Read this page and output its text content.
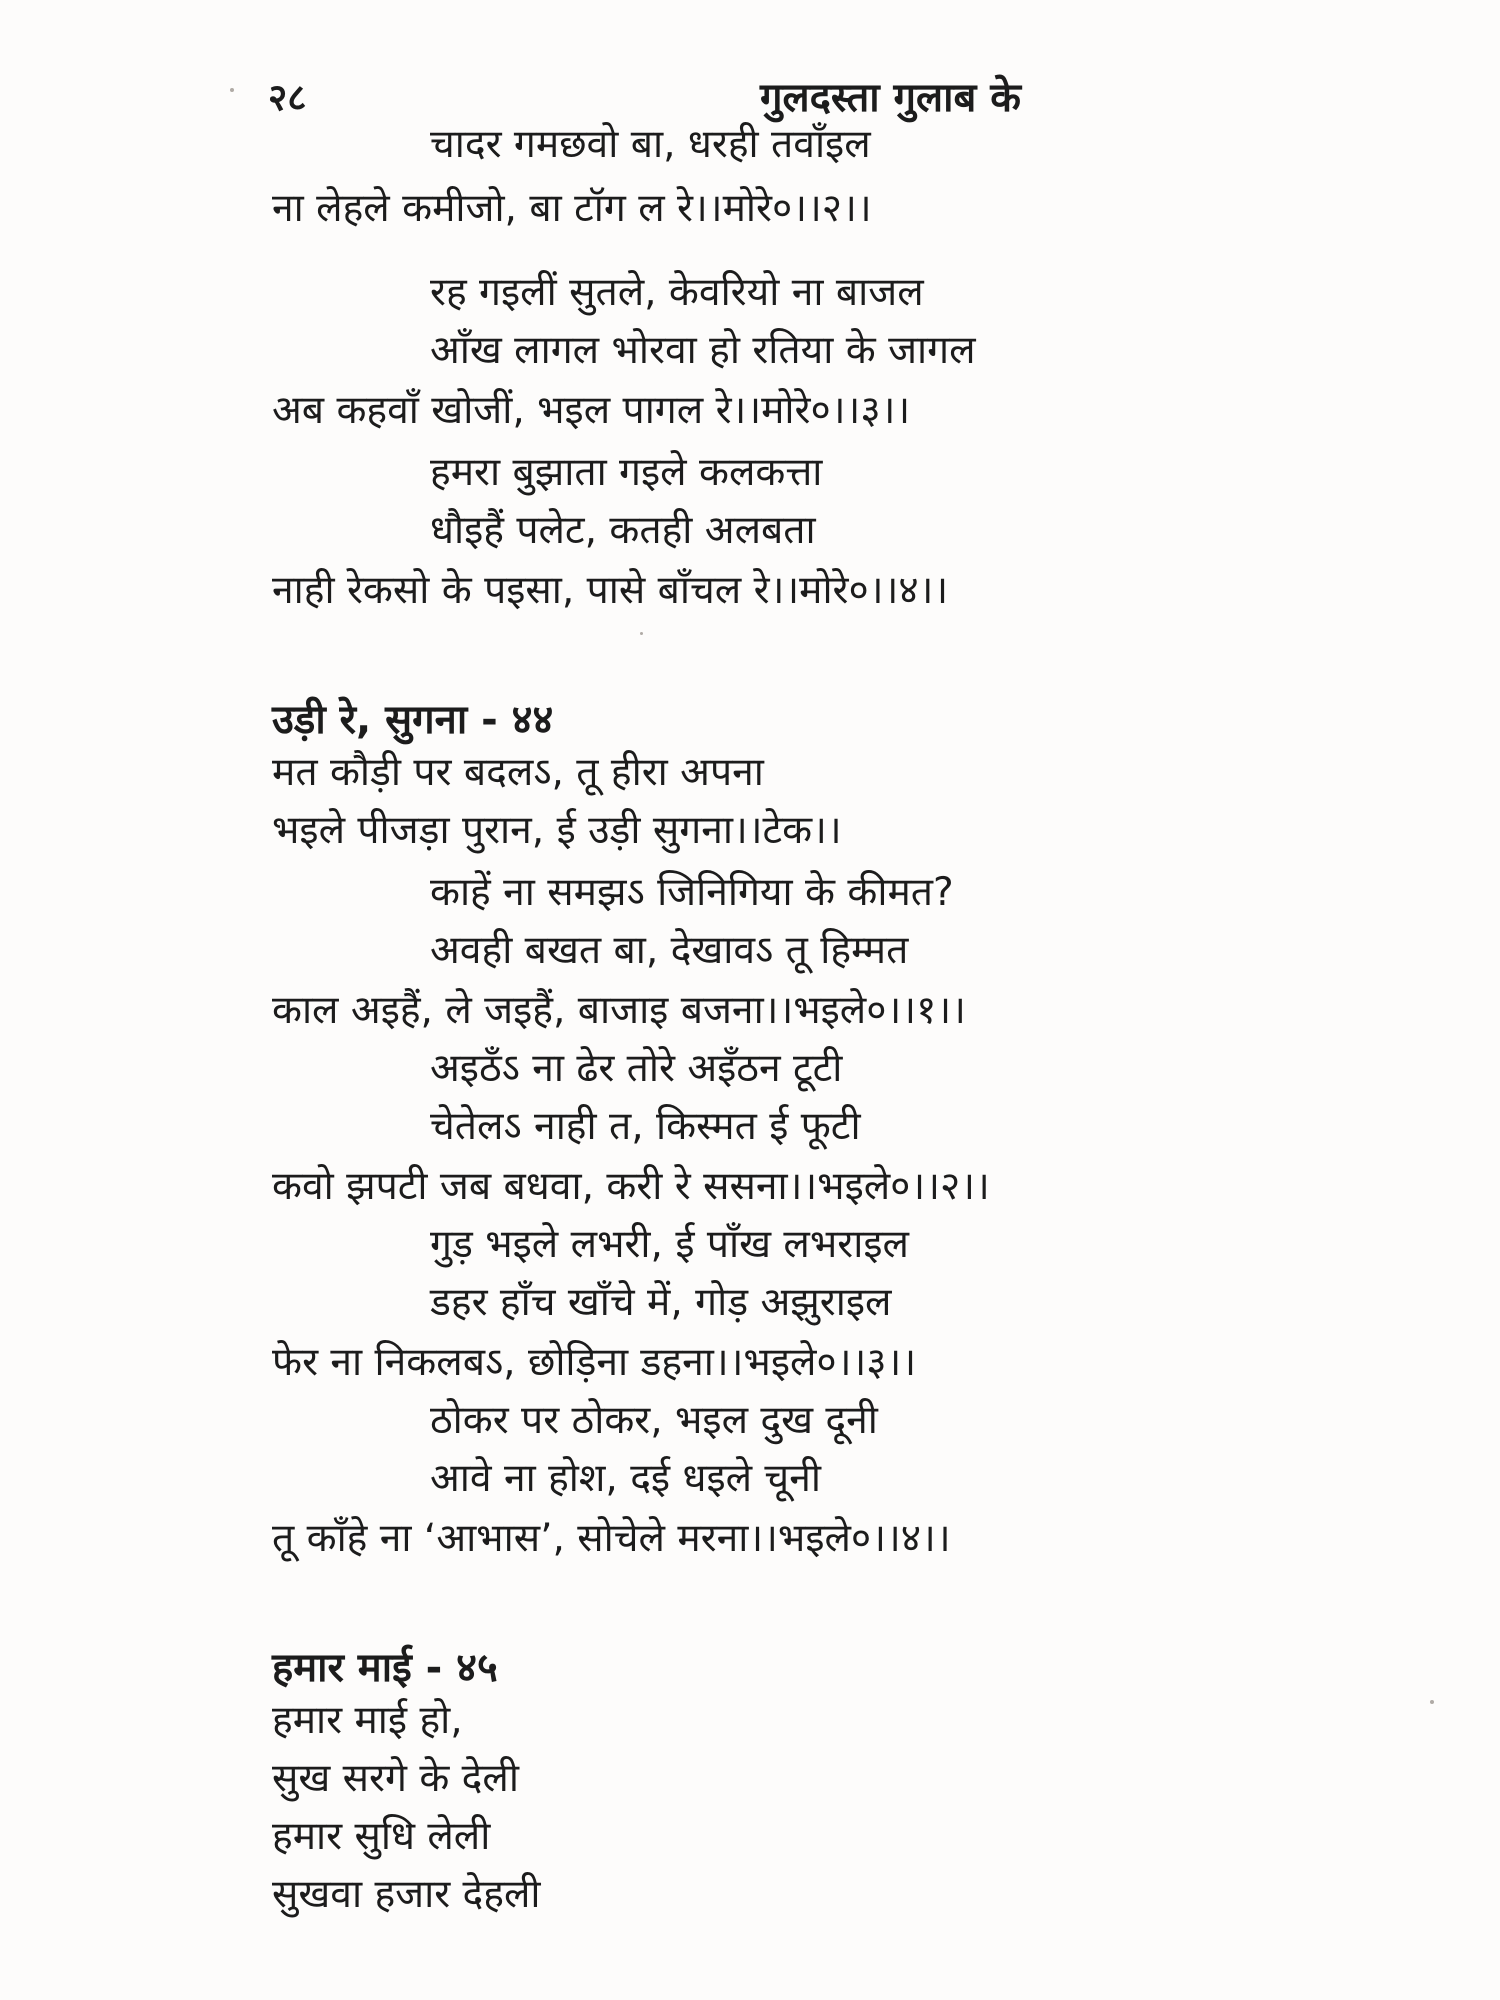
२८	गुलदस्ता गुलाब के
चादर गमछवो बा, धरही तवाँइल
ना लेहले कमीजो, बा टॉग ल रे।।मोरे०।।२।।
रह गइलीं सुतले, केवरियो ना बाजल
आँख लागल भोरवा हो रतिया के जागल
अब कहवाँ खोजीं, भइल पागल रे।।मोरे०।।३।।
हमरा बुझाता गइले कलकत्ता
धौइहैं पलेट, कतही अलबता
नाही रेकसो के पइसा, पासे बाँचल रे।।मोरे०।।४।।
उड़ी रे, सुगना - ४४
मत कौड़ी पर बदलऽ, तू हीरा अपना
भइले पीजड़ा पुरान, ई उड़ी सुगना।।टेक।।
काहें ना समझऽ जिनिगिया के कीमत?
अवही बखत बा, देखावऽ तू हिम्मत
काल अइहैं, ले जइहैं, बाजाइ बजना।।भइले०।।१।।
अइठँऽ ना ढेर तोरे अइँठन टूटी
चेतेलऽ नाही त, किस्मत ई फूटी
कवो झपटी जब बधवा, करी रे ससना।।भइले०।।२।।
गुड़ भइले लभरी, ई पाँख लभराइल
डहर हाँच खाँचे में, गोड़ अझुराइल
फेर ना निकलबऽ, छोड़िना डहना।।भइले०।।३।।
ठोकर पर ठोकर, भइल दुख दूनी
आवे ना होश, दई धइले चूनी
तू काँहे ना ‘आभास’, सोचेले मरना।।भइले०।।४।।
हमार माई - ४५
हमार माई हो,
सुख सरगे के देली
हमार सुधि लेली
सुखवा हजार देहली
